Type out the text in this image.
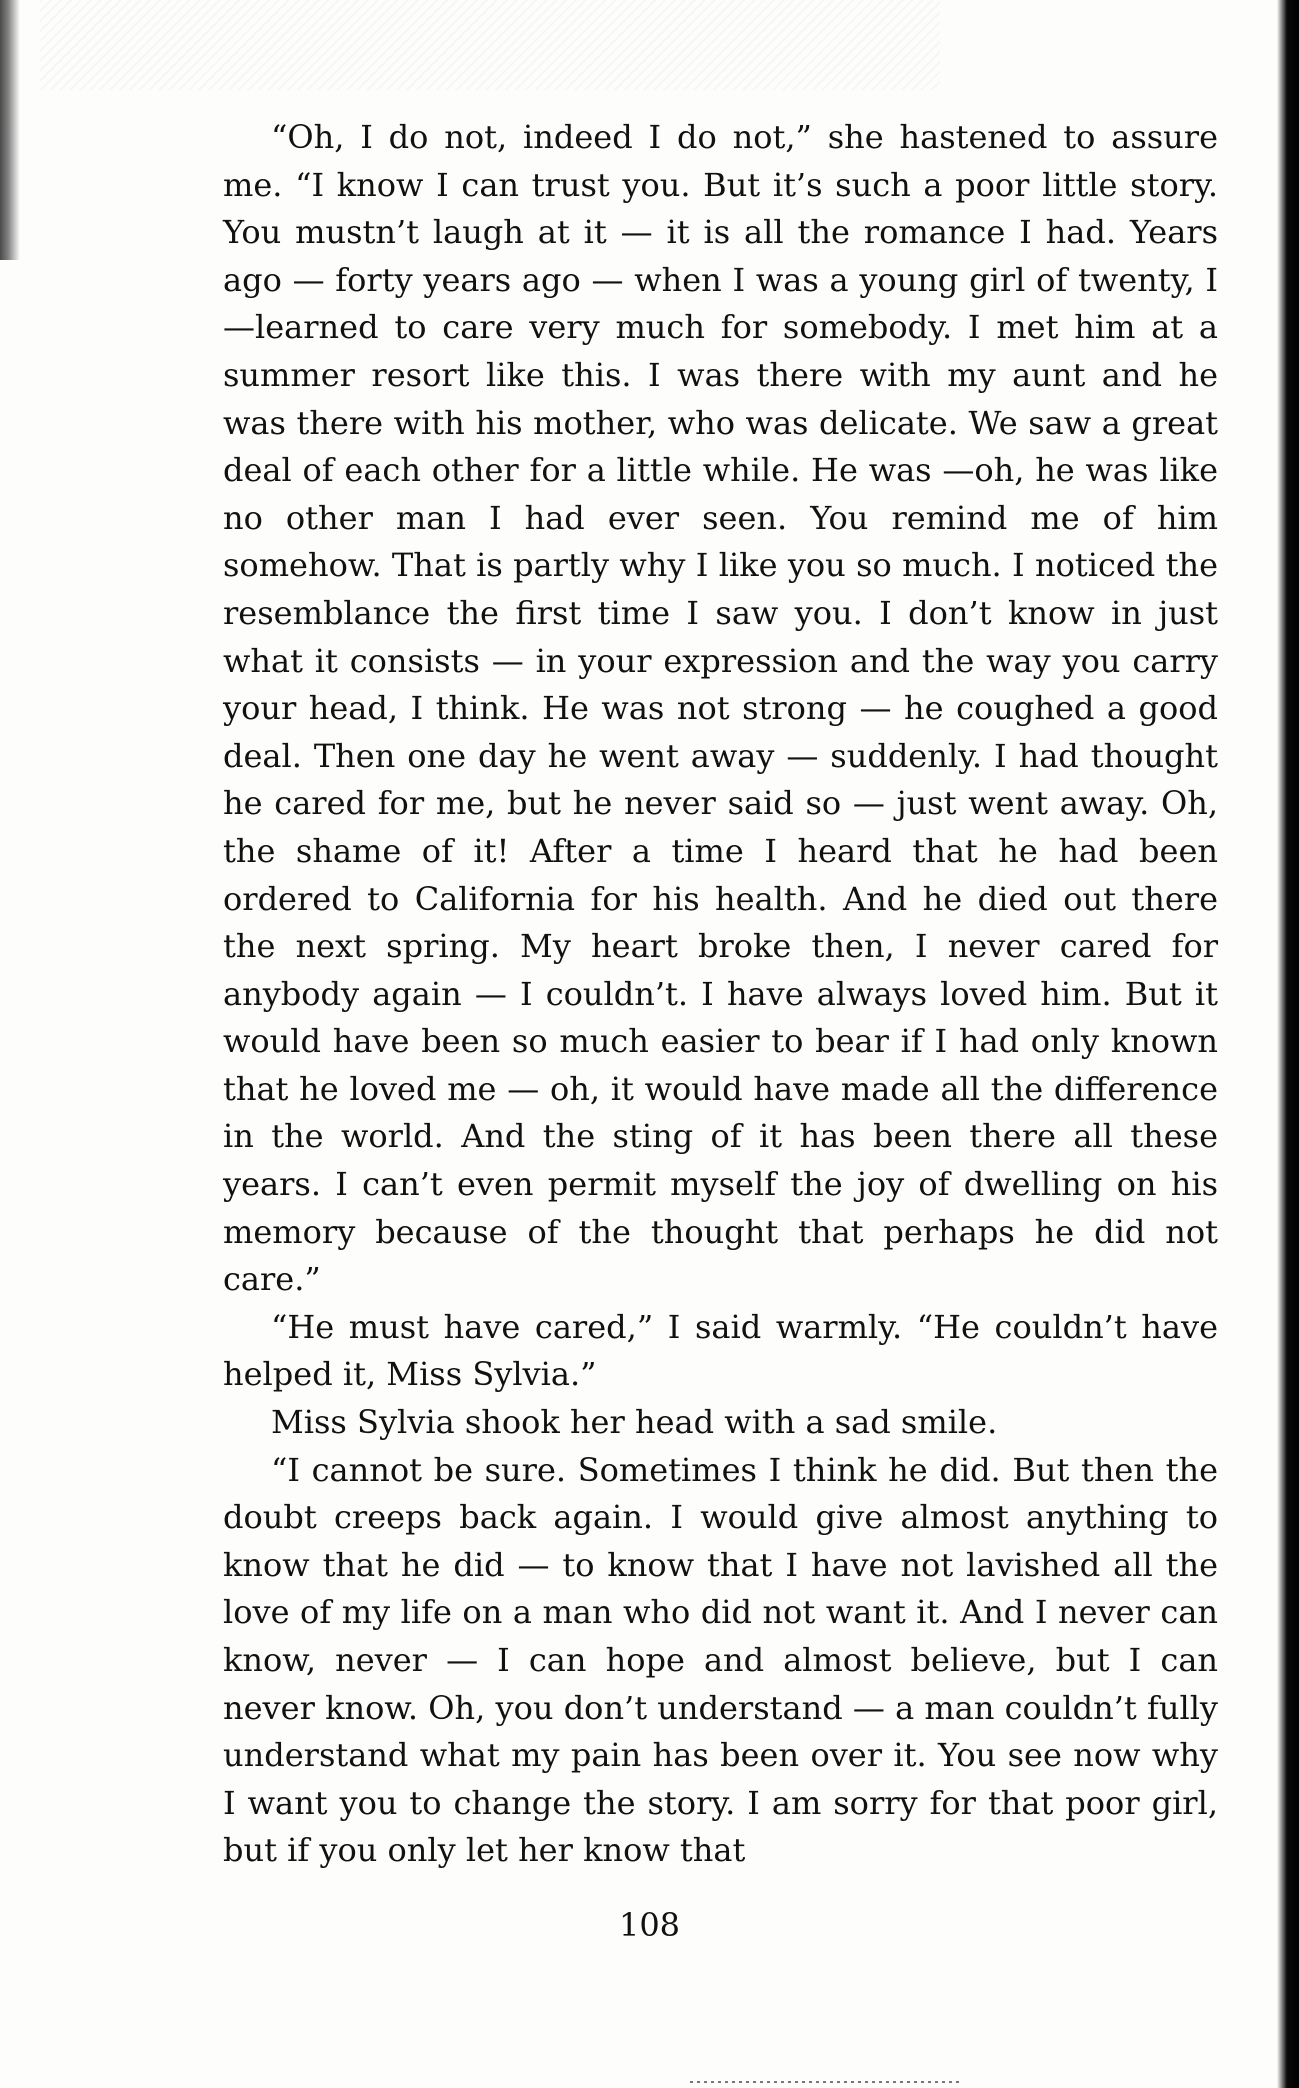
“Oh, I do not, indeed I do not,” she hastened to assure me. “I know I can trust you. But it’s such a poor little story. You mustn’t laugh at it — it is all the romance I had. Years ago — forty years ago — when I was a young girl of twenty, I—learned to care very much for somebody. I met him at a summer resort like this. I was there with my aunt and he was there with his mother, who was delicate. We saw a great deal of each other for a little while. He was —oh, he was like no other man I had ever seen. You remind me of him somehow. That is partly why I like you so much. I noticed the resemblance the first time I saw you. I don’t know in just what it consists — in your expression and the way you carry your head, I think. He was not strong — he coughed a good deal. Then one day he went away — suddenly. I had thought he cared for me, but he never said so — just went away. Oh, the shame of it! After a time I heard that he had been ordered to California for his health. And he died out there the next spring. My heart broke then, I never cared for anybody again — I couldn’t. I have always loved him. But it would have been so much easier to bear if I had only known that he loved me — oh, it would have made all the difference in the world. And the sting of it has been there all these years. I can’t even permit myself the joy of dwelling on his memory because of the thought that perhaps he did not care.”

“He must have cared,” I said warmly. “He couldn’t have helped it, Miss Sylvia.”

Miss Sylvia shook her head with a sad smile.

“I cannot be sure. Sometimes I think he did. But then the doubt creeps back again. I would give almost anything to know that he did — to know that I have not lavished all the love of my life on a man who did not want it. And I never can know, never — I can hope and almost believe, but I can never know. Oh, you don’t understand — a man couldn’t fully understand what my pain has been over it. You see now why I want you to change the story. I am sorry for that poor girl, but if you only let her know that

108
